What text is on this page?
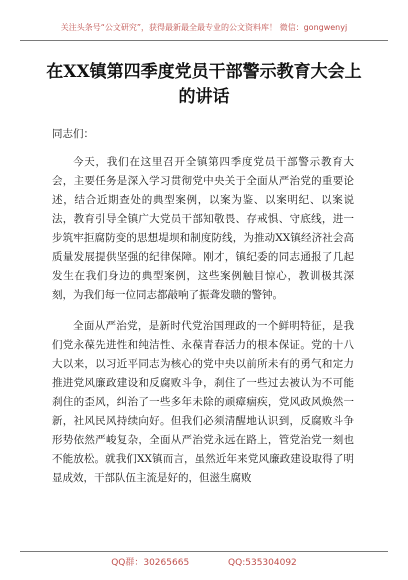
关注头条号“公文研究”，获得最新最全最专业的公文资料库！ 微信：gongwenyj
在XX镇第四季度党员干部警示教育大会上的讲话
同志们：

今天，我们在这里召开全镇第四季度党员干部警示教育大会，主要任务是深入学习贯彻党中央关于全面从严治党的重要论述，结合近期查处的典型案例，以案为鉴、以案明纪、以案说法，教育引导全镇广大党员干部知敬畏、存戒惧、守底线，进一步筑牢拒腐防变的思想堤坝和制度防线，为推动XX镇经济社会高质量发展提供坚强的纪律保障。刚才，镇纪委的同志通报了几起发生在我们身边的典型案例，这些案例触目惊心，教训极其深刻，为我们每一位同志都敲响了振聋发聩的警钟。

全面从严治党，是新时代党治国理政的一个鲜明特征，是我们党永葆先进性和纯洁性、永葆青春活力的根本保证。党的十八大以来，以习近平同志为核心的党中央以前所未有的勇气和定力推进党风廉政建设和反腐败斗争，刹住了一些过去被认为不可能刹住的歪风，纠治了一些多年未除的顽瘴痼疾，党风政风焕然一新，社风民风持续向好。但我们必须清醒地认识到，反腐败斗争形势依然严峻复杂，全面从严治党永远在路上，管党治党一刻也不能放松。就我们XX镇而言，虽然近年来党风廉政建设取得了明显成效，干部队伍主流是好的，但滋生腐败

QQ群：30265665	QQ:535304092
